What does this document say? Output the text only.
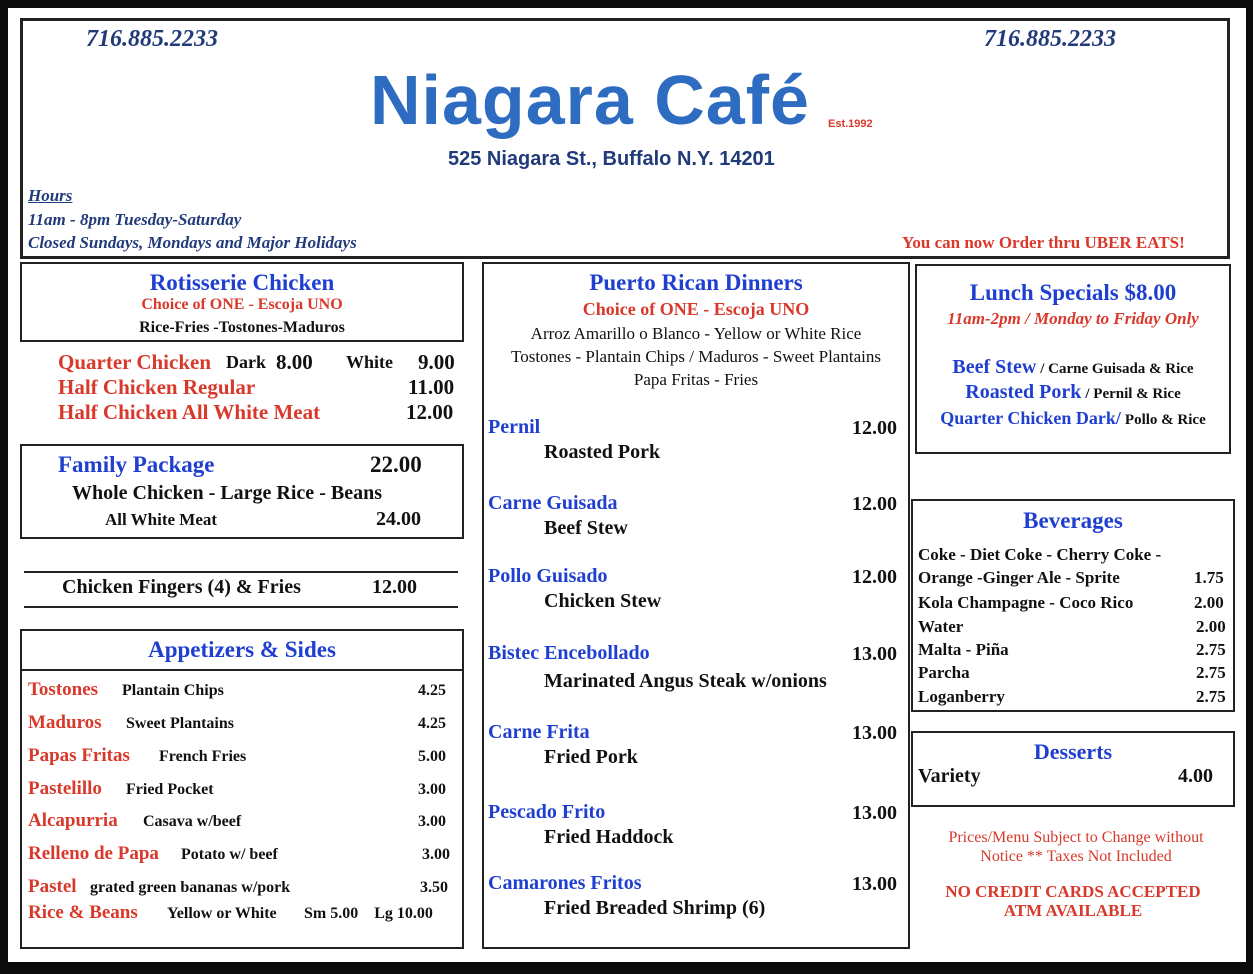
716.885.2233	716.885.2233
Niagara Café Est.1992
525 Niagara St., Buffalo N.Y. 14201
Hours
11am - 8pm Tuesday-Saturday
Closed Sundays, Mondays and Major Holidays	You can now Order thru UBER EATS!
Rotisserie Chicken
Choice of ONE - Escoja UNO
Rice-Fries -Tostones-Maduros
Quarter Chicken Dark 8.00 White 9.00
Half Chicken Regular	11.00
Half Chicken All White Meat	12.00
Family Package	22.00
Whole Chicken - Large Rice - Beans
All White Meat	24.00
Chicken Fingers (4) & Fries	12.00
Appetizers & Sides
Tostones Plantain Chips	4.25
Maduros Sweet Plantains	4.25
Papas Fritas French Fries	5.00
Pastelillo Fried Pocket	3.00
Alcapurria Casava w/beef	3.00
Relleno de Papa Potato w/ beef	3.00
Pastel grated green bananas w/pork	3.50
Rice & Beans Yellow or White Sm 5.00    Lg 10.00
Puerto Rican Dinners
Choice of ONE - Escoja UNO
Arroz Amarillo o Blanco - Yellow or White Rice
Tostones - Plantain Chips / Maduros - Sweet Plantains
Papa Fritas - Fries
Pernil	12.00
Roasted Pork
Carne Guisada	12.00
Beef Stew
Pollo Guisado	12.00
Chicken Stew
Bistec Encebollado	13.00
Marinated Angus Steak w/onions
Carne Frita	13.00
Fried Pork
Pescado Frito	13.00
Fried Haddock
Camarones Fritos	13.00
Fried Breaded Shrimp (6)
Lunch Specials $8.00
11am-2pm / Monday to Friday Only
Beef Stew / Carne Guisada & Rice
Roasted Pork / Pernil & Rice
Quarter Chicken Dark/ Pollo & Rice
Beverages
Coke - Diet Coke - Cherry Coke -
Orange -Ginger Ale - Sprite	1.75
Kola Champagne - Coco Rico	2.00
Water	2.00
Malta - Piña	2.75
Parcha	2.75
Loganberry	2.75
Desserts
Variety	4.00
Prices/Menu Subject to Change without Notice ** Taxes Not Included
NO CREDIT CARDS ACCEPTED
ATM AVAILABLE
